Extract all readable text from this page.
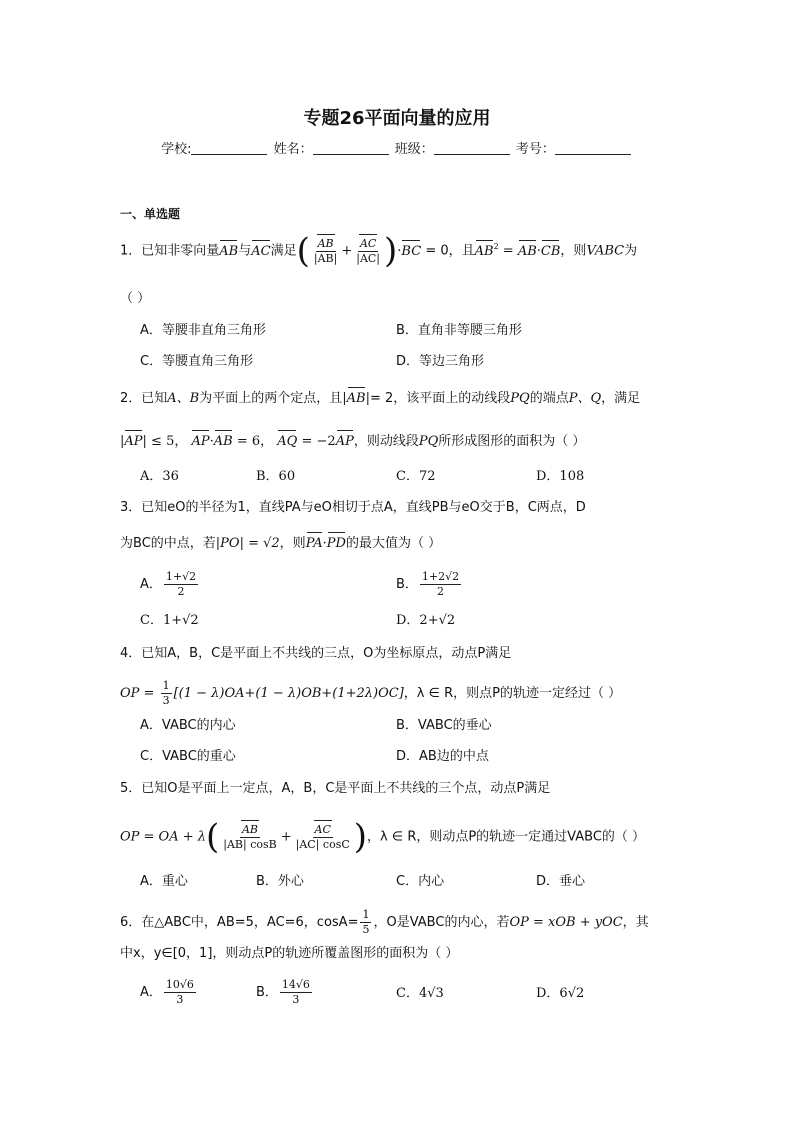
专题26平面向量的应用
学校:	姓名：	班级：	考号：
一、单选题
1．已知非零向量AB与AC满足( $\frac{AB}{|AB|} + \frac{AC}{|AC|} )\cdot BC = 0$，且$AB^2 = AB\cdot CB$，则VABC为
（ ）
A．等腰非直角三角形	B．直角非等腰三角形
C．等腰直角三角形	D．等边三角形
2．已知A、B为平面上的两个定点，且|AB|= 2，该平面上的动线段PQ的端点P、Q，满足
|AP| ≤ 5， AP·AB = 6， AQ = −2AP，则动线段PQ所形成图形的面积为（ ）
A．36	B．60	C．72	D．108
3．已知eO的半径为1，直线PA与eO相切于点A，直线PB与eO交于B，C两点，D
为BC的中点，若|PO| = √2，则PA·PD的最大值为（ ）
A． $\frac{1+√2}{2}$	B． $\frac{1+2√2}{2}$
C．1+√2	D．2+√2
4．已知A，B，C是平面上不共线的三点，O为坐标原点，动点P满足
OP = $\frac{1}{3} [(1 - \lambda)OA+(1 - \lambda)OB+(1+2\lambda)OC]$，λ ∈ R，则点P的轨迹一定经过（ ）
A．VABC的内心	B．VABC的垂心
C．VABC的重心	D．AB边的中点
5．已知O是平面上一定点，A，B，C是平面上不共线的三个点，动点P满足
OP = OA + $\lambda( \frac{AB}{|AB| \cos B} + \frac{AC}{|AC| \cos C}$ )，λ ∈ R，则动点P的轨迹一定通过VABC的（ ）
A．重心	B．外心	C．内心	D．垂心
6．在△ABC中，AB=5，AC=6，$\cos A= \frac{1}{5}$ ，O是VABC的内心，若OP = xOB + yOC，其
中x，y∈[0，1]，则动点P的轨迹所覆盖图形的面积为（ ）
A． $\frac{10√6}{3}$	B． $\frac{14√6}{3}$	C．4√3	D．6√2
